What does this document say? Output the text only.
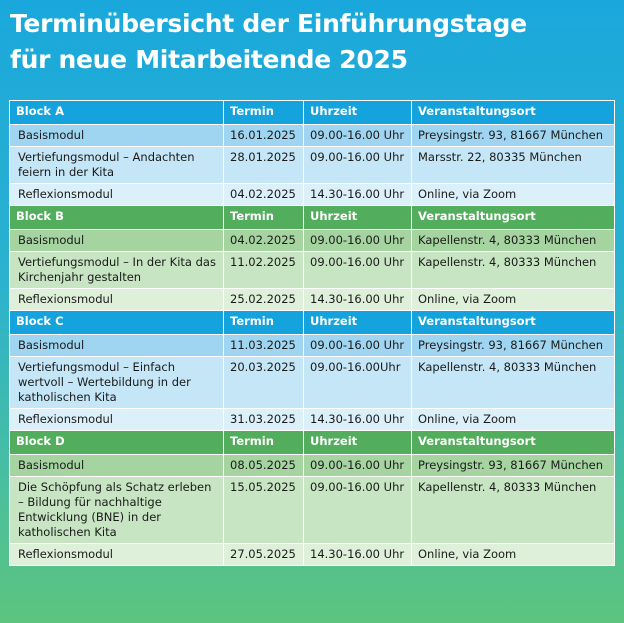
Terminübersicht der Einführungstage
für neue Mitarbeitende 2025
Block A	Termin	Uhrzeit	Veranstaltungsort
Basismodul	16.01.2025	09.00-16.00 Uhr	Preysingstr. 93, 81667 München
Vertiefungsmodul – Andachten feiern in der Kita	28.01.2025	09.00-16.00 Uhr	Marsstr. 22, 80335 München
Reflexionsmodul	04.02.2025	14.30-16.00 Uhr	Online, via Zoom
Block B	Termin	Uhrzeit	Veranstaltungsort
Basismodul	04.02.2025	09.00-16.00 Uhr	Kapellenstr. 4, 80333 München
Vertiefungsmodul – In der Kita das Kirchenjahr gestalten	11.02.2025	09.00-16.00 Uhr	Kapellenstr. 4, 80333 München
Reflexionsmodul	25.02.2025	14.30-16.00 Uhr	Online, via Zoom
Block C	Termin	Uhrzeit	Veranstaltungsort
Basismodul	11.03.2025	09.00-16.00 Uhr	Preysingstr. 93, 81667 München
Vertiefungsmodul – Einfach wertvoll – Wertebildung in der katholischen Kita	20.03.2025	09.00-16.00Uhr	Kapellenstr. 4, 80333 München
Reflexionsmodul	31.03.2025	14.30-16.00 Uhr	Online, via Zoom
Block D	Termin	Uhrzeit	Veranstaltungsort
Basismodul	08.05.2025	09.00-16.00 Uhr	Preysingstr. 93, 81667 München
Die Schöpfung als Schatz erleben – Bildung für nachhaltige Entwicklung (BNE) in der katholischen Kita	15.05.2025	09.00-16.00 Uhr	Kapellenstr. 4, 80333 München
Reflexionsmodul	27.05.2025	14.30-16.00 Uhr	Online, via Zoom
